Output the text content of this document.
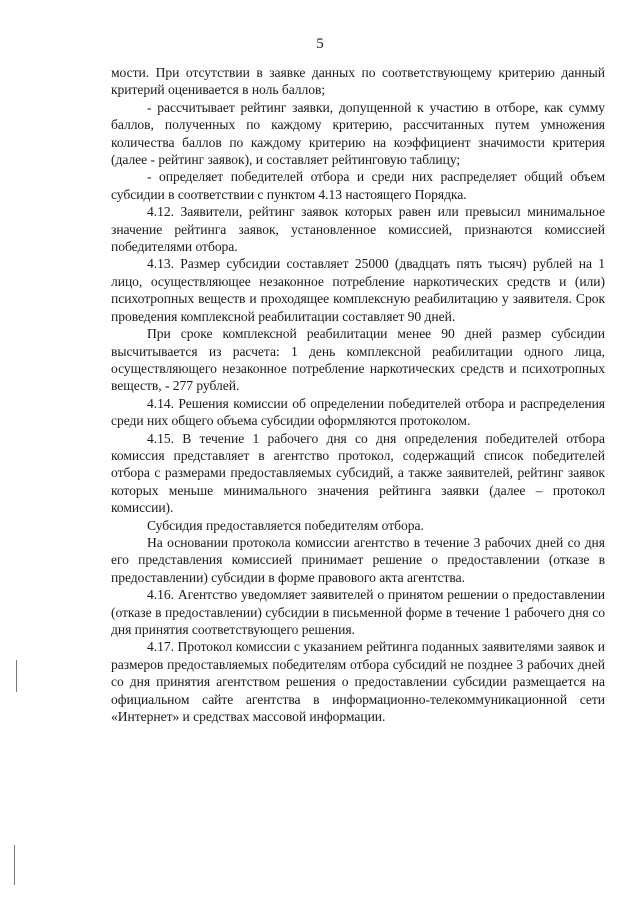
5

мости. При отсутствии в заявке данных по соответствующему критерию данный критерий оценивается в ноль баллов;

- рассчитывает рейтинг заявки, допущенной к участию в отборе, как сумму баллов, полученных по каждому критерию, рассчитанных путем умножения количества баллов по каждому критерию на коэффициент значимости критерия (далее - рейтинг заявок), и составляет рейтинговую таблицу;

- определяет победителей отбора и среди них распределяет общий объем субсидии в соответствии с пунктом 4.13 настоящего Порядка.

4.12. Заявители, рейтинг заявок которых равен или превысил минимальное значение рейтинга заявок, установленное комиссией, признаются комиссией победителями отбора.

4.13. Размер субсидии составляет 25000 (двадцать пять тысяч) рублей на 1 лицо, осуществляющее незаконное потребление наркотических средств и (или) психотропных веществ и проходящее комплексную реабилитацию у заявителя. Срок проведения комплексной реабилитации составляет 90 дней.

При сроке комплексной реабилитации менее 90 дней размер субсидии высчитывается из расчета: 1 день комплексной реабилитации одного лица, осуществляющего незаконное потребление наркотических средств и психотропных веществ, - 277 рублей.

4.14. Решения комиссии об определении победителей отбора и распределения среди них общего объема субсидии оформляются протоколом.

4.15. В течение 1 рабочего дня со дня определения победителей отбора комиссия представляет в агентство протокол, содержащий список победителей отбора с размерами предоставляемых субсидий, а также заявителей, рейтинг заявок которых меньше минимального значения рейтинга заявки (далее – протокол комиссии).

Субсидия предоставляется победителям отбора.

На основании протокола комиссии агентство в течение 3 рабочих дней со дня его представления комиссией принимает решение о предоставлении (отказе в предоставлении) субсидии в форме правового акта агентства.

4.16. Агентство уведомляет заявителей о принятом решении о предоставлении (отказе в предоставлении) субсидии в письменной форме в течение 1 рабочего дня со дня принятия соответствующего решения.

4.17. Протокол комиссии с указанием рейтинга поданных заявителями заявок и размеров предоставляемых победителям отбора субсидий не позднее 3 рабочих дней со дня принятия агентством решения о предоставлении субсидии размещается на официальном сайте агентства в информационно-телекоммуникационной сети «Интернет» и средствах массовой информации.
